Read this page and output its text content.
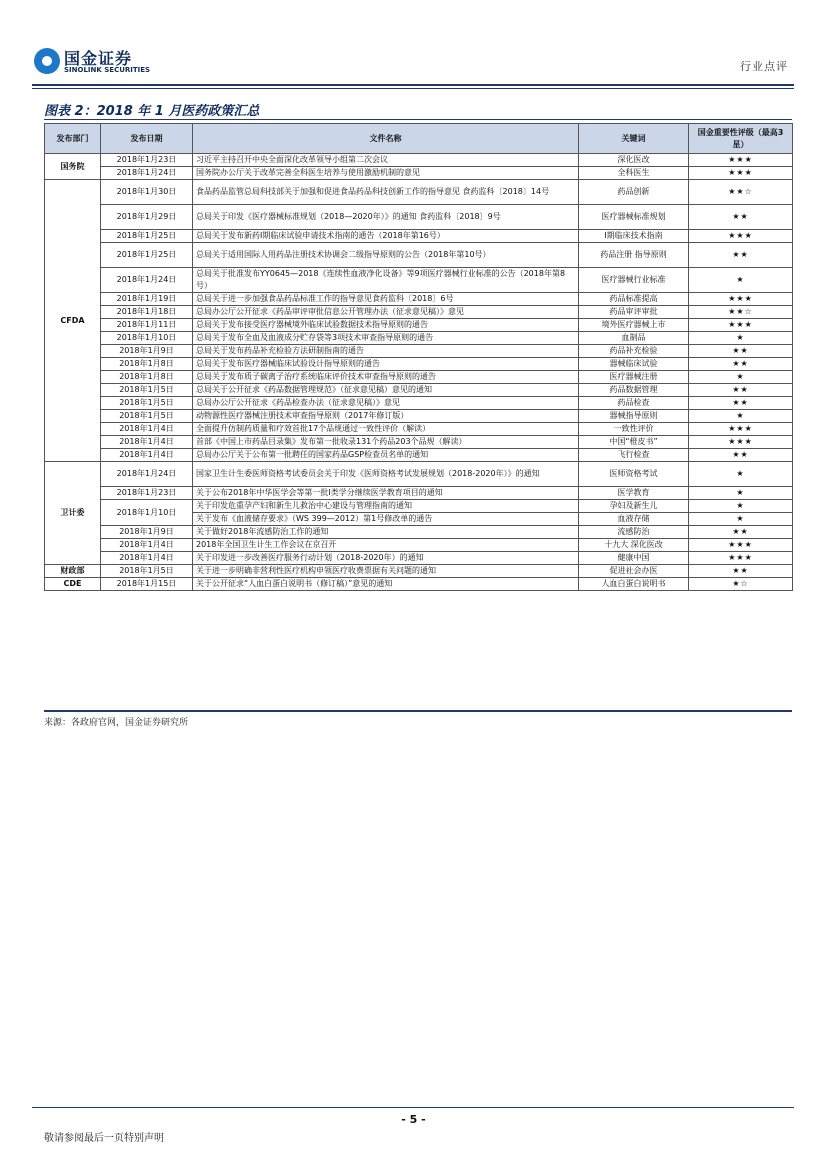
国金证券
SINOLINK SECURITIES	行业点评
图表 2：2018 年 1 月医药政策汇总
发布部门	发布日期	文件名称	关键词	国金重要性评级（最高3星）
国务院	2018年1月23日	习近平主持召开中央全面深化改革领导小组第二次会议	深化医改	★★★
	2018年1月24日	国务院办公厅关于改革完善全科医生培养与使用激励机制的意见	全科医生	★★★
CFDA	2018年1月30日	食品药品监管总局科技部关于加强和促进食品药品科技创新工作的指导意见 食药监科〔2018〕14号	药品创新	★★☆
	2018年1月29日	总局关于印发《医疗器械标准规划（2018—2020年）》的通知 食药监科〔2018〕9号	医疗器械标准规划	★★
	2018年1月25日	总局关于发布新药Ⅰ期临床试验申请技术指南的通告（2018年第16号）	Ⅰ期临床技术指南	★★★
	2018年1月25日	总局关于适用国际人用药品注册技术协调会二级指导原则的公告（2018年第10号）	药品注册 指导原则	★★
	2018年1月24日	总局关于批准发布YY0645—2018《连续性血液净化设备》等9项医疗器械行业标准的公告（2018年第8号）	医疗器械行业标准	★
	2018年1月19日	总局关于进一步加强食品药品标准工作的指导意见食药监科〔2018〕6号	药品标准提高	★★★
	2018年1月18日	总局办公厅公开征求《药品审评审批信息公开管理办法（征求意见稿）》意见	药品审评审批	★★☆
	2018年1月11日	总局关于发布接受医疗器械境外临床试验数据技术指导原则的通告	境外医疗器械上市	★★★
	2018年1月10日	总局关于发布全血及血液成分贮存袋等3项技术审查指导原则的通告	血制品	★
	2018年1月9日	总局关于发布药品补充检验方法研制指南的通告	药品补充检验	★★
	2018年1月8日	总局关于发布医疗器械临床试验设计指导原则的通告	器械临床试验	★★
	2018年1月8日	总局关于发布质子碳离子治疗系统临床评价技术审查指导原则的通告	医疗器械注册	★
	2018年1月5日	总局关于公开征求《药品数据管理规范》（征求意见稿）意见的通知	药品数据管理	★★
	2018年1月5日	总局办公厅公开征求《药品检查办法（征求意见稿）》意见	药品检查	★★
	2018年1月5日	动物源性医疗器械注册技术审查指导原则（2017年修订版）	器械指导原则	★
	2018年1月4日	全面提升仿制药质量和疗效首批17个品规通过一致性评价（解读）	一致性评价	★★★
	2018年1月4日	首部《中国上市药品目录集》发布第一批收录131个药品203个品规（解读）	中国“橙皮书”	★★★
	2018年1月4日	总局办公厅关于公布第一批聘任的国家药品GSP检查员名单的通知	飞行检查	★★
卫计委	2018年1月24日	国家卫生计生委医师资格考试委员会关于印发《医师资格考试发展规划（2018-2020年）》的通知	医师资格考试	★
	2018年1月23日	关于公布2018年中华医学会等第一批Ⅰ类学分继续医学教育项目的通知	医学教育	★
	2018年1月10日	关于印发危重孕产妇和新生儿救治中心建设与管理指南的通知	孕妇及新生儿	★
		关于发布《血液储存要求》（WS 399—2012）第1号修改单的通告	血液存储	★
	2018年1月9日	关于做好2018年流感防治工作的通知	流感防治	★★
	2018年1月4日	2018年全国卫生计生工作会议在京召开	十九大 深化医改	★★★
	2018年1月4日	关于印发进一步改善医疗服务行动计划（2018-2020年）的通知	健康中国	★★★
财政部	2018年1月5日	关于进一步明确非营利性医疗机构申领医疗收费票据有关问题的通知	促进社会办医	★★
CDE	2018年1月15日	关于公开征求“人血白蛋白说明书（修订稿）”意见的通知	人血白蛋白说明书	★☆
来源：各政府官网，国金证券研究所
- 5 -
敬请参阅最后一页特别声明
